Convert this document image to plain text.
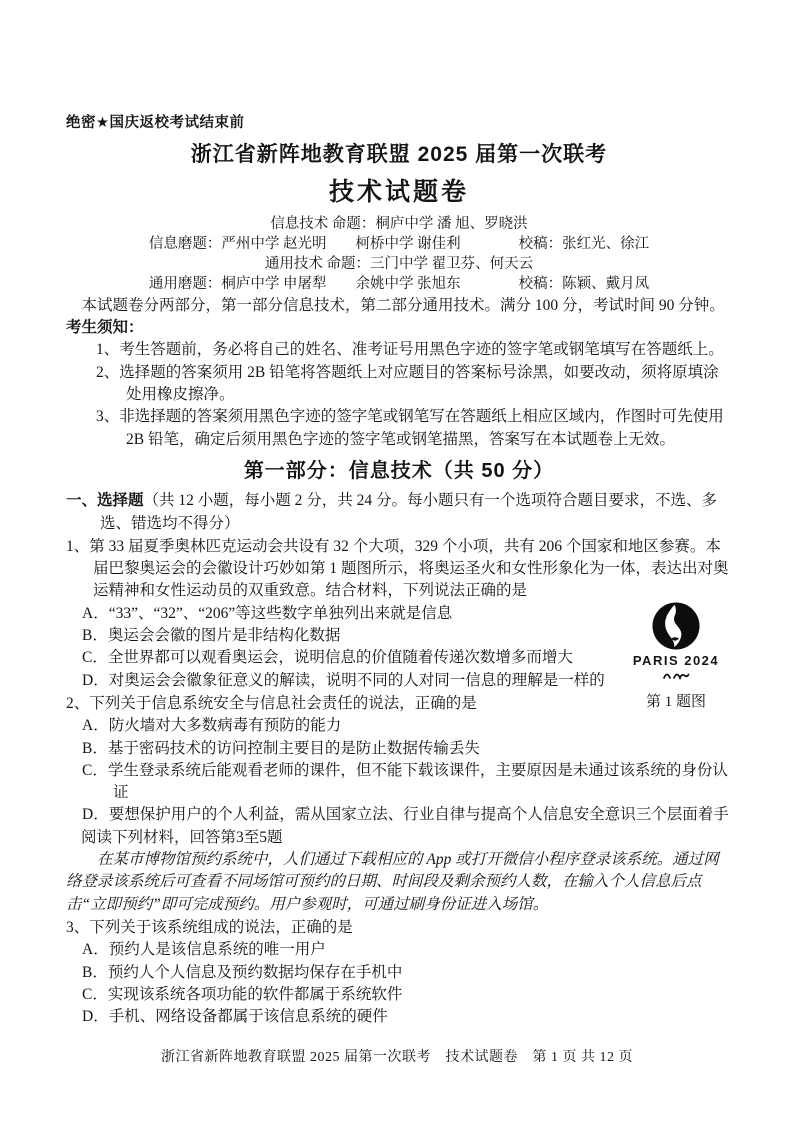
绝密★国庆返校考试结束前
浙江省新阵地教育联盟 2025 届第一次联考
技术试题卷
信息技术 命题：桐庐中学 潘 旭、罗晓洪
信息磨题：严州中学 赵光明　　柯桥中学 谢佳利　　　　校稿：张红光、徐江
通用技术 命题：三门中学 翟卫芬、何天云
通用磨题：桐庐中学 申屠犁　　余姚中学 张旭东　　　　校稿：陈颖、戴月凤

本试题卷分两部分，第一部分信息技术，第二部分通用技术。满分 100 分，考试时间 90 分钟。

考生须知：
1、考生答题前，务必将自己的姓名、准考证号用黑色字迹的签字笔或钢笔填写在答题纸上。
2、选择题的答案须用 2B 铅笔将答题纸上对应题目的答案标号涂黑，如要改动，须将原填涂处用橡皮擦净。
3、非选择题的答案须用黑色字迹的签字笔或钢笔写在答题纸上相应区域内，作图时可先使用 2B 铅笔，确定后须用黑色字迹的签字笔或钢笔描黑，答案写在本试题卷上无效。
第一部分：信息技术（共 50 分）
一、选择题（共 12 小题，每小题 2 分，共 24 分。每小题只有一个选项符合题目要求，不选、多选、错选均不得分）
1、第 33 届夏季奥林匹克运动会共设有 32 个大项，329 个小项，共有 206 个国家和地区参赛。本届巴黎奥运会的会徽设计巧妙如第 1 题图所示，将奥运圣火和女性形象化为一体，表达出对奥运精神和女性运动员的双重致意。结合材料，下列说法正确的是
A．“33”、“32”、“206”等这些数字单独列出来就是信息
B．奥运会会徽的图片是非结构化数据
C．全世界都可以观看奥运会，说明信息的价值随着传递次数增多而增大
D．对奥运会会徽象征意义的解读，说明不同的人对同一信息的理解是一样的
2、下列关于信息系统安全与信息社会责任的说法，正确的是
A．防火墙对大多数病毒有预防的能力
B．基于密码技术的访问控制主要目的是防止数据传输丢失
C．学生登录系统后能观看老师的课件，但不能下载该课件，主要原因是未通过该系统的身份认证
D．要想保护用户的个人利益，需从国家立法、行业自律与提高个人信息安全意识三个层面着手
阅读下列材料，回答第3至5题

在某市博物馆预约系统中，人们通过下载相应的 App 或打开微信小程序登录该系统。通过网络登录该系统后可查看不同场馆可预约的日期、时间段及剩余预约人数，在输入个人信息后点击“立即预约”即可完成预约。用户参观时，可通过刷身份证进入场馆。

3、下列关于该系统组成的说法，正确的是
A．预约人是该信息系统的唯一用户
B．预约人个人信息及预约数据均保存在手机中
C．实现该系统各项功能的软件都属于系统软件
D．手机、网络设备都属于该信息系统的硬件
PARIS 2024
第 1 题图
浙江省新阵地教育联盟 2025 届第一次联考　技术试题卷　第 1 页 共 12 页
